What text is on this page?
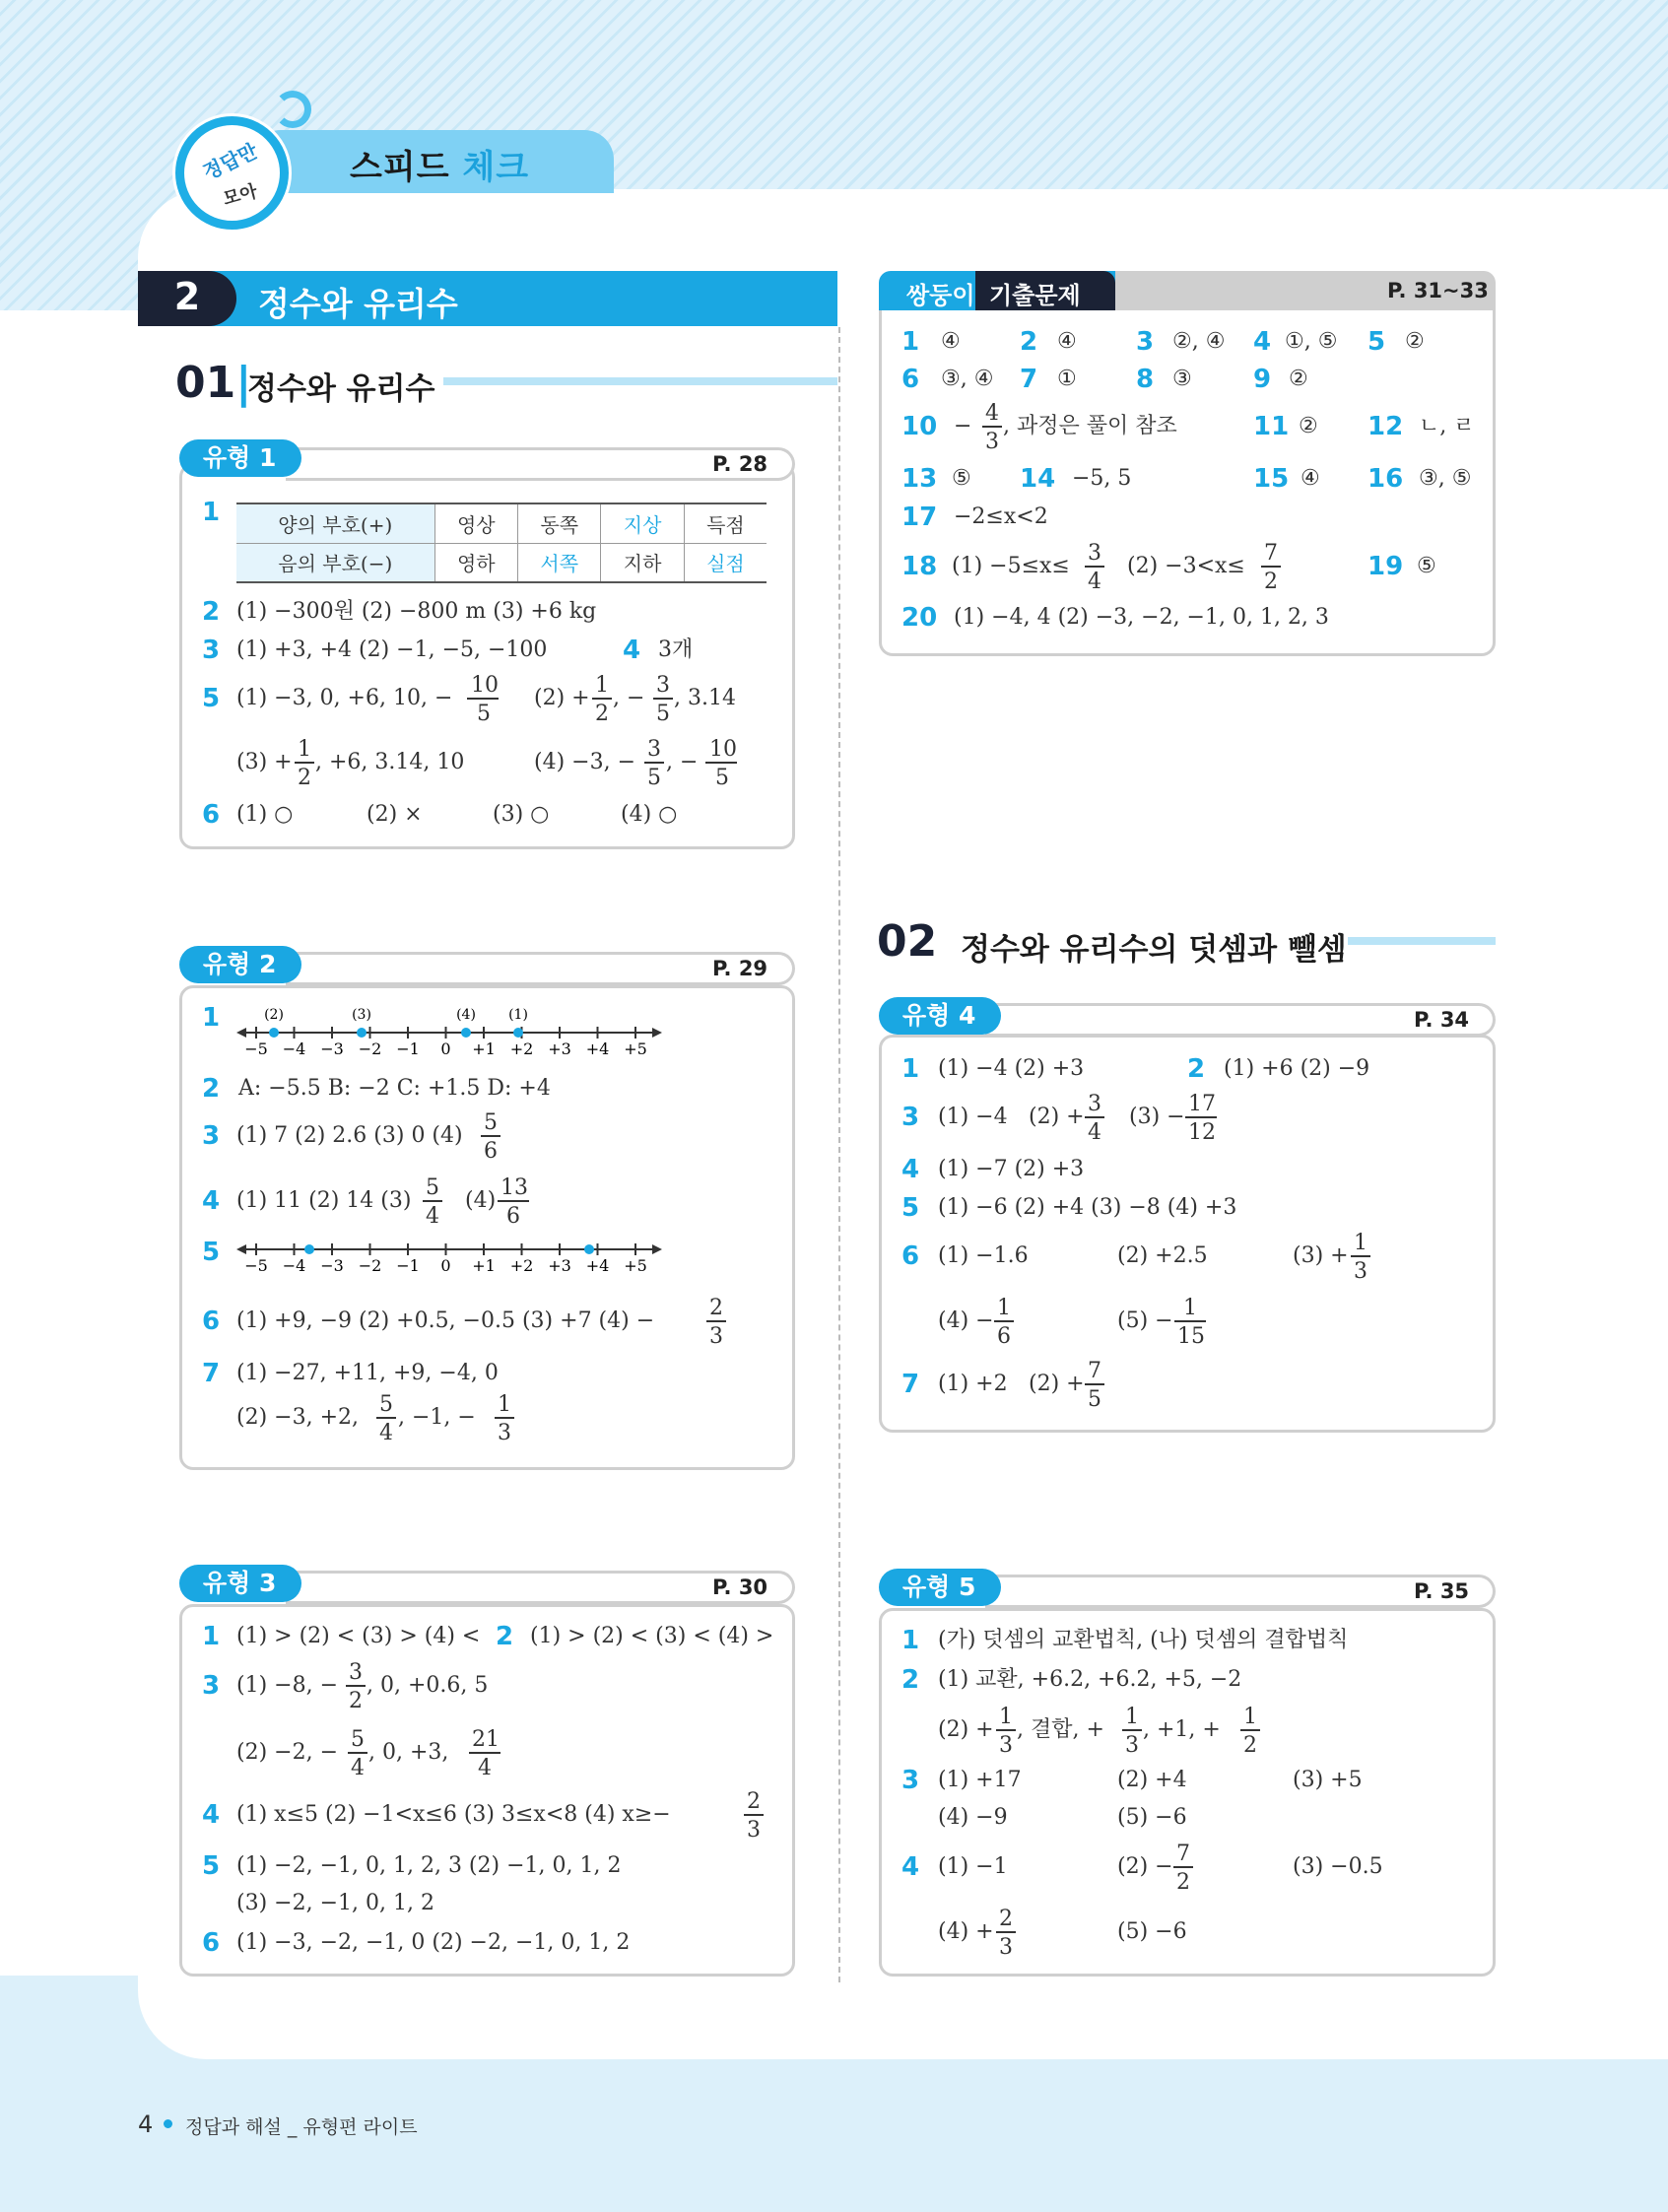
스피드 체크
정답만
모아
2	정수와 유리수
01|
정수와 유리수
02 정수와 유리수의 덧셈과 뺄셈
유형 1	P. 28
1	양의 부호(+)	영상	동쪽	지상	득점
음의 부호(−)	영하	서쪽	지하	실점
2 (1) −300원 (2) −800 m (3) +6 kg
3 (1) +3, +4 (2) −1, −5, −100	4 3개
5 (1) −3, 0, +6, 10, −
10
5
(2) +
1
2
, −
3
5
, 3.14
(3) +
1
2
, +6, 3.14, 10	(4) −3, −
3
5
, −
10
5
6 (1) ○	(2) ×	(3) ○	(4) ○
유형 2	P. 29
1
−5 −4 −3 −2 −1 0 +1 +2 +3 +4 +5
(2)	(3)	(4) (1)
2 A: −5.5 B: −2 C: +1.5 D: +4
3 (1) 7 (2) 2.6 (3) 0 (4)
5
6
4 (1) 11 (2) 14 (3)
5
4
(4)
13
6
5 −5 −4 −3 −2 −1 0 +1 +2 +3 +4 +5
6 (1) +9, −9 (2) +0.5, −0.5 (3) +7 (4) −
2
3
7 (1) −27, +11, +9, −4, 0
(2) −3, +2,
5
4
, −1, −
1
3
유형 3	P. 30
1 (1) > (2) < (3) > (4) < 2 (1) > (2) < (3) < (4) >
3 (1) −8, −
3
2
, 0, +0.6, 5
(2) −2, −
5
4
, 0, +3,
21
4
4 (1) x≤5 (2) −1<x≤6 (3) 3≤x<8 (4) x≥−
2
3
5 (1) −2, −1, 0, 1, 2, 3 (2) −1, 0, 1, 2
(3) −2, −1, 0, 1, 2
6 (1) −3, −2, −1, 0 (2) −2, −1, 0, 1, 2
쌍둥이 기출문제	P. 31~33
1 ④ 2 ④ 3 ②, ④ 4 ①, ⑤ 5 ②
6 ③, ④ 7 ① 8 ③ 9 ②
10 −
4
3
, 과정은 풀이 참조	11 ② 12 ㄴ, ㄹ
13 ⑤ 14 −5, 5	15 ④ 16 ③, ⑤
17 −2≤x<2
18 (1) −5≤x≤
3
4
(2) −3<x≤
7
2
19 ⑤
20 (1) −4, 4 (2) −3, −2, −1, 0, 1, 2, 3
유형 4	P. 34
1 (1) −4 (2) +3	2 (1) +6 (2) −9
3 (1) −4 (2) +
3
4
(3) −
17
12
4 (1) −7 (2) +3
5 (1) −6 (2) +4 (3) −8 (4) +3
6 (1) −1.6	(2) +2.5	(3) +
1
3
(4) −
1
6
(5) −
1
15
7 (1) +2 (2) +
7
5
유형 5	P. 35
1 (가) 덧셈의 교환법칙, (나) 덧셈의 결합법칙
2 (1) 교환, +6.2, +6.2, +5, −2
(2) +
1
3
, 결합, +
1
3
, +1, +
1
2
3 (1) +17	(2) +4	(3) +5
(4) −9	(5) −6
4 (1) −1	(2) −
7
2
(3) −0.5
(4) +
2
3
(5) −6
4 정답과 해설 _ 유형편 라이트
